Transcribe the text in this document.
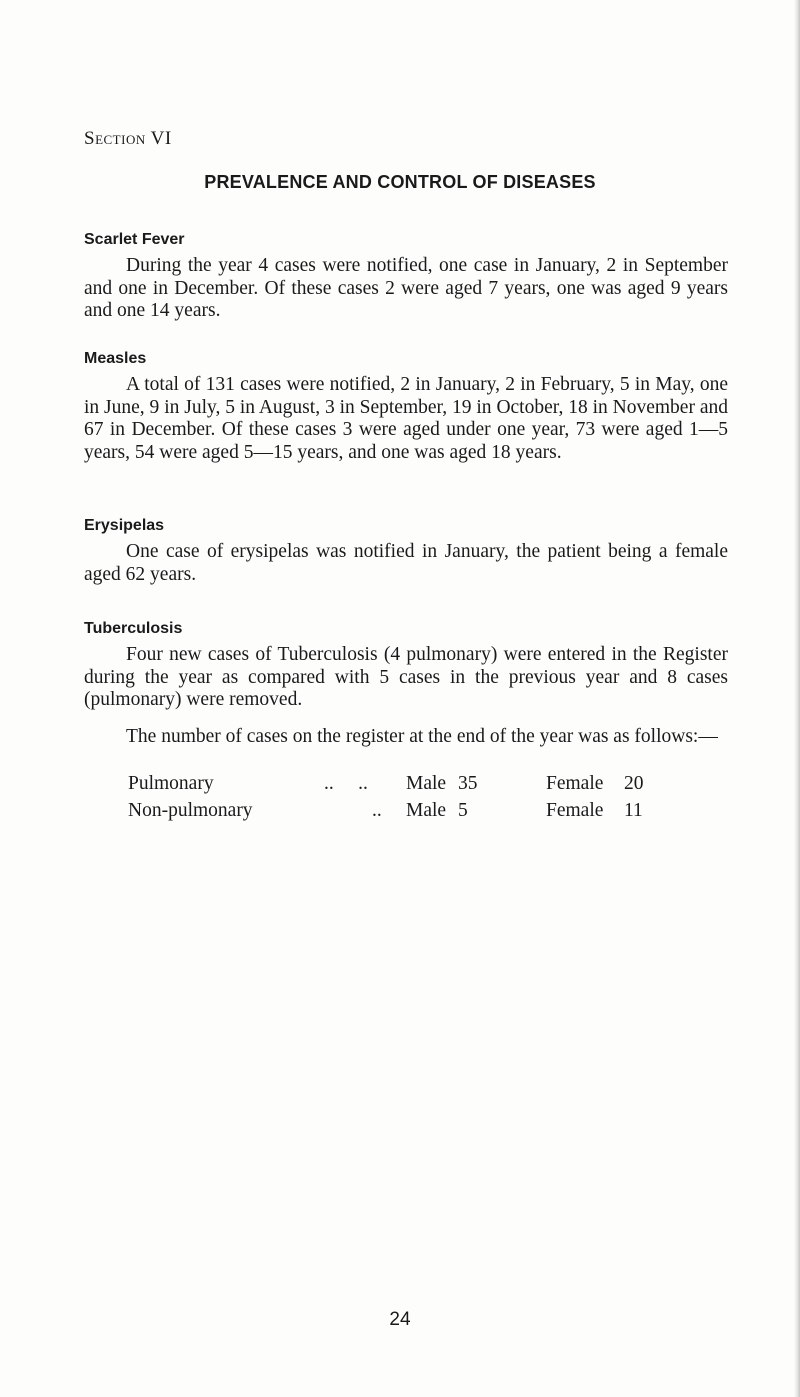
Section VI
PREVALENCE AND CONTROL OF DISEASES
Scarlet Fever

During the year 4 cases were notified, one case in January, 2 in September and one in December. Of these cases 2 were aged 7 years, one was aged 9 years and one 14 years.

Measles

A total of 131 cases were notified, 2 in January, 2 in February, 5 in May, one in June, 9 in July, 5 in August, 3 in September, 19 in October, 18 in November and 67 in December. Of these cases 3 were aged under one year, 73 were aged 1—5 years, 54 were aged 5—15 years, and one was aged 18 years.

Erysipelas

One case of erysipelas was notified in January, the patient being a female aged 62 years.

Tuberculosis

Four new cases of Tuberculosis (4 pulmonary) were entered in the Register during the year as compared with 5 cases in the previous year and 8 cases (pulmonary) were removed.

The number of cases on the register at the end of the year was as follows:—

Pulmonary	..     ..	Male 35	Female	20
Non-pulmonary	..	Male 5	Female	11
24
